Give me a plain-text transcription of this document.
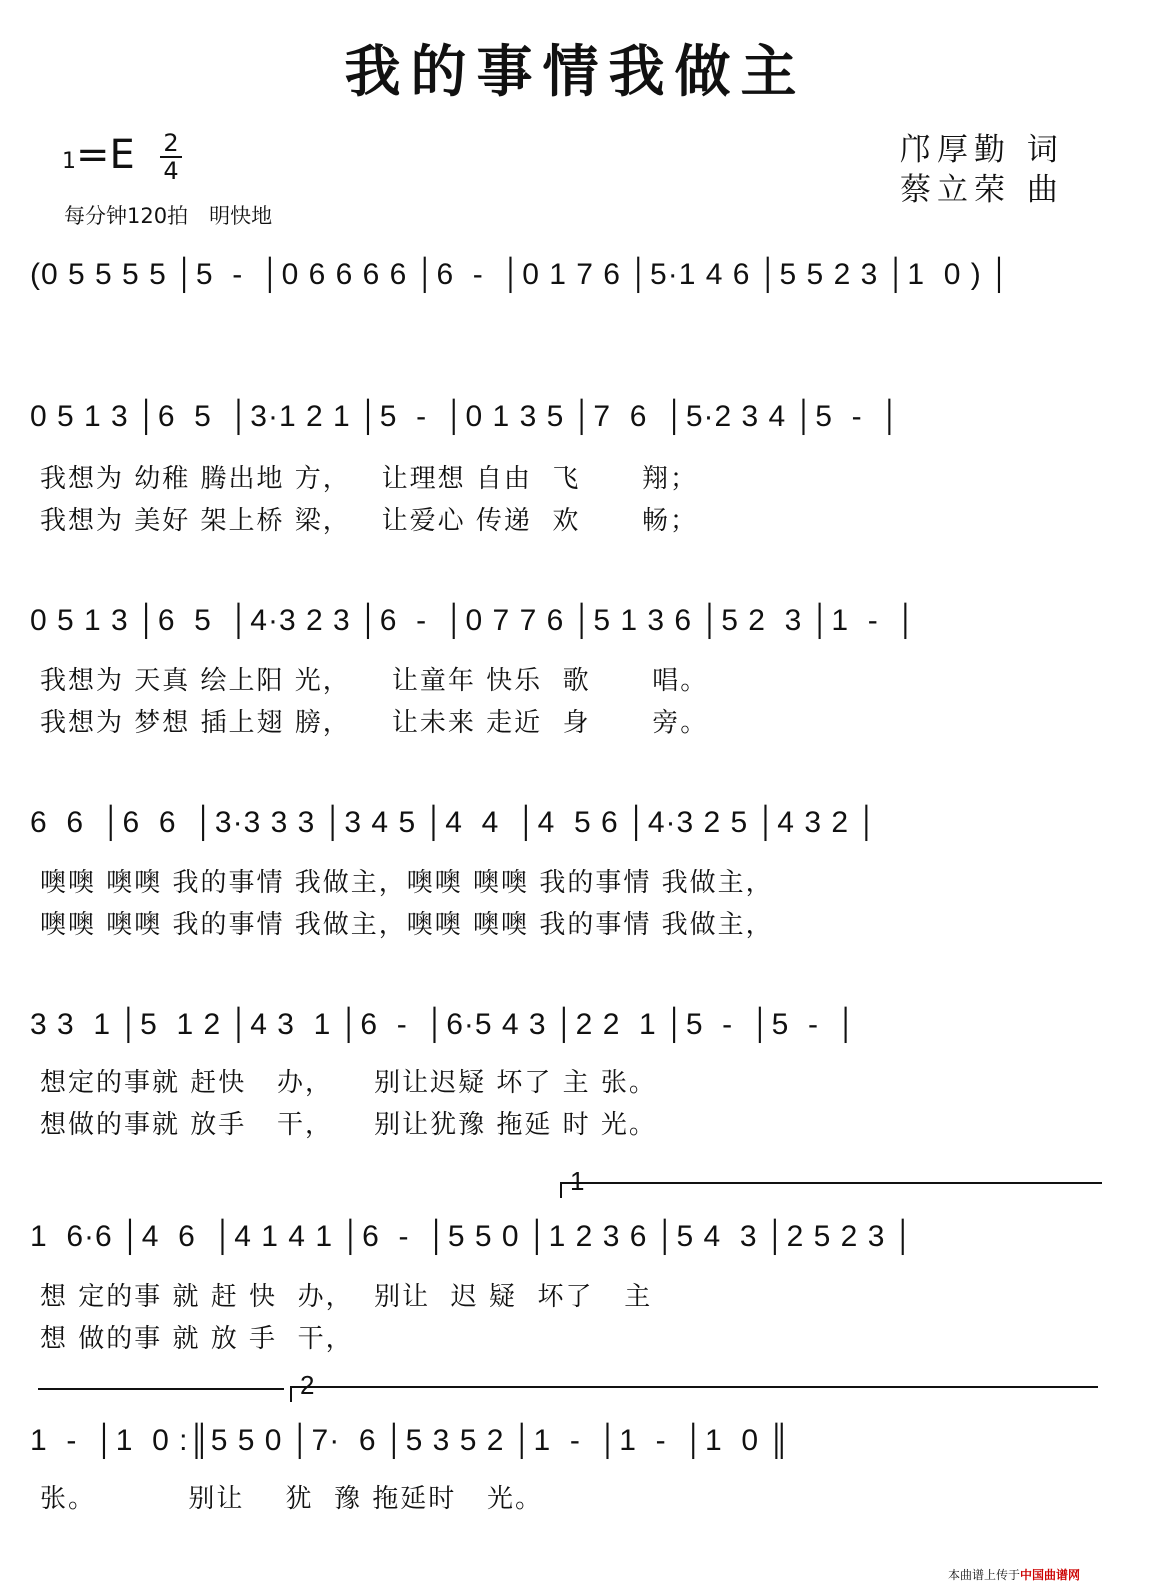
我的事情我做主
1=E 2
4
每分钟120拍　明快地
邝厚勤 词
蔡立荣 曲
(0 5 5 5 5 │5  -  │0 6 6 6 6 │6  -  │0 1 7 6 │5·1 4 6 │5 5 2 3 │1  0 ) │
0 5 1 3 │6  5  │3·1 2 1 │5  -  │0 1 3 5 │7  6  │5·2 3 4 │5  -  │
我想为 幼稚 腾出地 方，   让理想 自由  飞      翔；
我想为 美好 架上桥 梁，   让爱心 传递  欢      畅；
0 5 1 3 │6  5  │4·3 2 3 │6  -  │0 7 7 6 │5 1 3 6 │5 2  3 │1  -  │
我想为 天真 绘上阳 光，    让童年 快乐  歌      唱。
我想为 梦想 插上翅 膀，    让未来 走近  身      旁。
6  6  │6  6  │3·3 3 3 │3 4 5 │4  4  │4  5 6 │4·3 2 5 │4 3 2 │
噢噢 噢噢 我的事情 我做主，噢噢 噢噢 我的事情 我做主，
噢噢 噢噢 我的事情 我做主，噢噢 噢噢 我的事情 我做主，
3 3  1 │5  1 2 │4 3  1 │6  -  │6·5 4 3 │2 2  1 │5  -  │5  -  │
想定的事就 赶快   办，    别让迟疑 坏了 主 张。
想做的事就 放手   干，    别让犹豫 拖延 时 光。
1
1  6·6 │4  6  │4 1 4 1 │6  -  │5 5 0 │1 2 3 6 │5 4  3 │2 5 2 3 │
想 定的事 就 赶 快  办，  别让  迟 疑  坏了   主
想 做的事 就 放 手  干，
2
1  -  │1  0 :║5 5 0 │7·  6 │5 3 5 2 │1  -  │1  -  │1  0 ║
张。         别让    犹  豫 拖延时   光。
本曲谱上传于中国曲谱网
